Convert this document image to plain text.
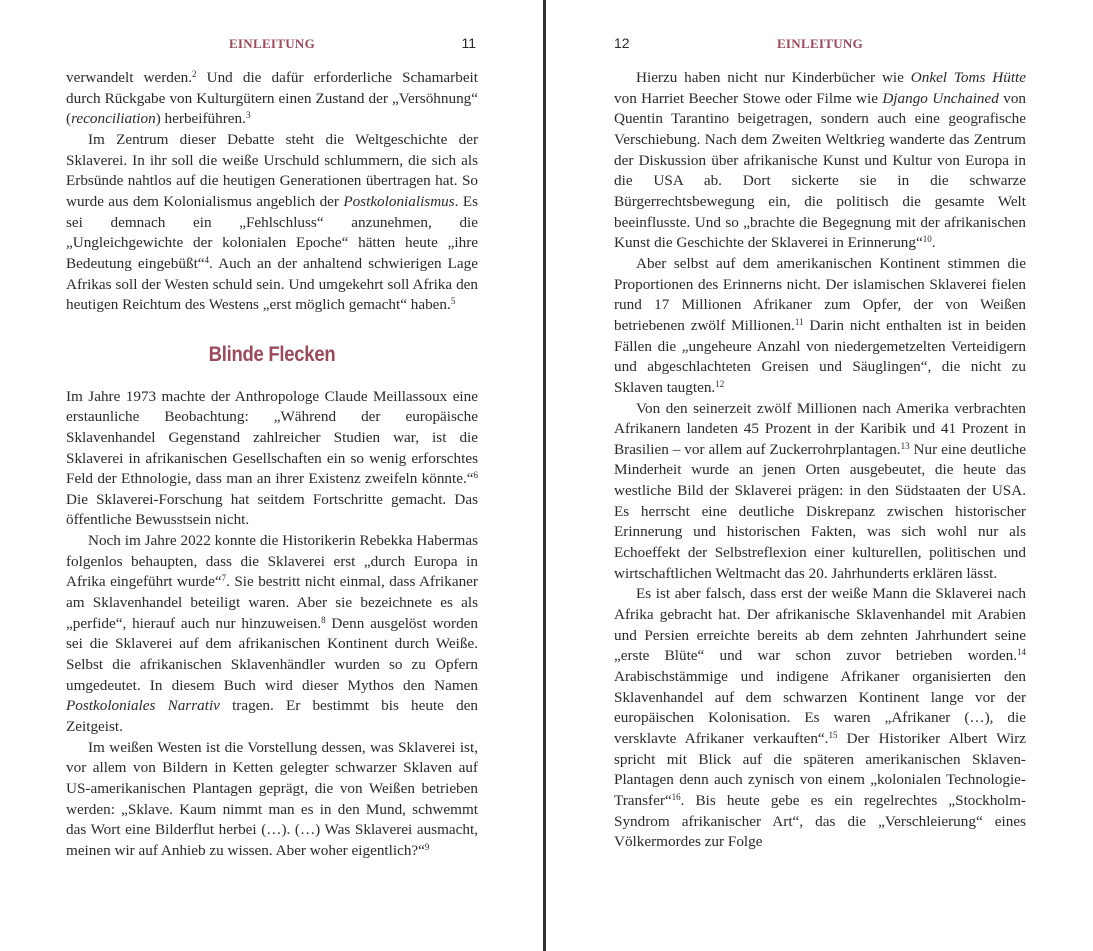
EINLEITUNG	11

verwandelt werden.$^2$ Und die dafür erforderliche Schamarbeit durch Rückgabe von Kulturgütern einen Zustand der „Versöhnung“ (reconciliation) herbeiführen.$^3$

Im Zentrum dieser Debatte steht die Weltgeschichte der Sklaverei. In ihr soll die weiße Urschuld schlummern, die sich als Erbsünde nahtlos auf die heutigen Generationen übertragen hat. So wurde aus dem Kolonialismus angeblich der Postkolonialismus. Es sei demnach ein „Fehlschluss“ anzunehmen, die „Ungleichgewichte der kolonialen Epoche“ hätten heute „ihre Bedeutung eingebüßt“$^4$. Auch an der anhaltend schwierigen Lage Afrikas soll der Westen schuld sein. Und umgekehrt soll Afrika den heutigen Reichtum des Westens „erst möglich gemacht“ haben.$^5$

Blinde Flecken

Im Jahre 1973 machte der Anthropologe Claude Meillassoux eine erstaunliche Beobachtung: „Während der europäische Sklavenhandel Gegenstand zahlreicher Studien war, ist die Sklaverei in afrikanischen Gesellschaften ein so wenig erforschtes Feld der Ethnologie, dass man an ihrer Existenz zweifeln könnte.“$^6$ Die Sklaverei-Forschung hat seitdem Fortschritte gemacht. Das öffentliche Bewusstsein nicht.

Noch im Jahre 2022 konnte die Historikerin Rebekka Habermas folgenlos behaupten, dass die Sklaverei erst „durch Europa in Afrika eingeführt wurde“$^7$. Sie bestritt nicht einmal, dass Afrikaner am Sklavenhandel beteiligt waren. Aber sie bezeichnete es als „perfide“, hierauf auch nur hinzuweisen.$^8$ Denn ausgelöst worden sei die Sklaverei auf dem afrikanischen Kontinent durch Weiße. Selbst die afrikanischen Sklavenhändler wurden so zu Opfern umgedeutet. In diesem Buch wird dieser Mythos den Namen Postkoloniales Narrativ tragen. Er bestimmt bis heute den Zeitgeist.

Im weißen Westen ist die Vorstellung dessen, was Sklaverei ist, vor allem von Bildern in Ketten gelegter schwarzer Sklaven auf US-amerikanischen Plantagen geprägt, die von Weißen betrieben werden: „Sklave. Kaum nimmt man es in den Mund, schwemmt das Wort eine Bilderflut herbei (…). (…) Was Sklaverei ausmacht, meinen wir auf Anhieb zu wissen. Aber woher eigentlich?“$^9$

12	EINLEITUNG

Hierzu haben nicht nur Kinderbücher wie Onkel Toms Hütte von Harriet Beecher Stowe oder Filme wie Django Unchained von Quentin Tarantino beigetragen, sondern auch eine geografische Verschiebung. Nach dem Zweiten Weltkrieg wanderte das Zentrum der Diskussion über afrikanische Kunst und Kultur von Europa in die USA ab. Dort sickerte sie in die schwarze Bürgerrechtsbewegung ein, die politisch die gesamte Welt beeinflusste. Und so „brachte die Begegnung mit der afrikanischen Kunst die Geschichte der Sklaverei in Erinnerung“$^{10}$.

Aber selbst auf dem amerikanischen Kontinent stimmen die Proportionen des Erinnerns nicht. Der islamischen Sklaverei fielen rund 17 Millionen Afrikaner zum Opfer, der von Weißen betriebenen zwölf Millionen.$^{11}$ Darin nicht enthalten ist in beiden Fällen die „ungeheure Anzahl von niedergemetzelten Verteidigern und abgeschlachteten Greisen und Säuglingen“, die nicht zu Sklaven taugten.$^{12}$

Von den seinerzeit zwölf Millionen nach Amerika verbrachten Afrikanern landeten 45 Prozent in der Karibik und 41 Prozent in Brasilien – vor allem auf Zuckerrohrplantagen.$^{13}$ Nur eine deutliche Minderheit wurde an jenen Orten ausgebeutet, die heute das westliche Bild der Sklaverei prägen: in den Südstaaten der USA. Es herrscht eine deutliche Diskrepanz zwischen historischer Erinnerung und historischen Fakten, was sich wohl nur als Echoeffekt der Selbstreflexion einer kulturellen, politischen und wirtschaftlichen Weltmacht das 20. Jahrhunderts erklären lässt.

Es ist aber falsch, dass erst der weiße Mann die Sklaverei nach Afrika gebracht hat. Der afrikanische Sklavenhandel mit Arabien und Persien erreichte bereits ab dem zehnten Jahrhundert seine „erste Blüte“ und war schon zuvor betrieben worden.$^{14}$ Arabischstämmige und indigene Afrikaner organisierten den Sklavenhandel auf dem schwarzen Kontinent lange vor der europäischen Kolonisation. Es waren „Afrikaner (…), die versklavte Afrikaner verkauften“.$^{15}$ Der Historiker Albert Wirz spricht mit Blick auf die späteren amerikanischen Sklaven-Plantagen denn auch zynisch von einem „kolonialen Technologie-Transfer“$^{16}$. Bis heute gebe es ein regelrechtes „Stockholm-Syndrom afrikanischer Art“, das die „Verschleierung“ eines Völkermordes zur Folge
